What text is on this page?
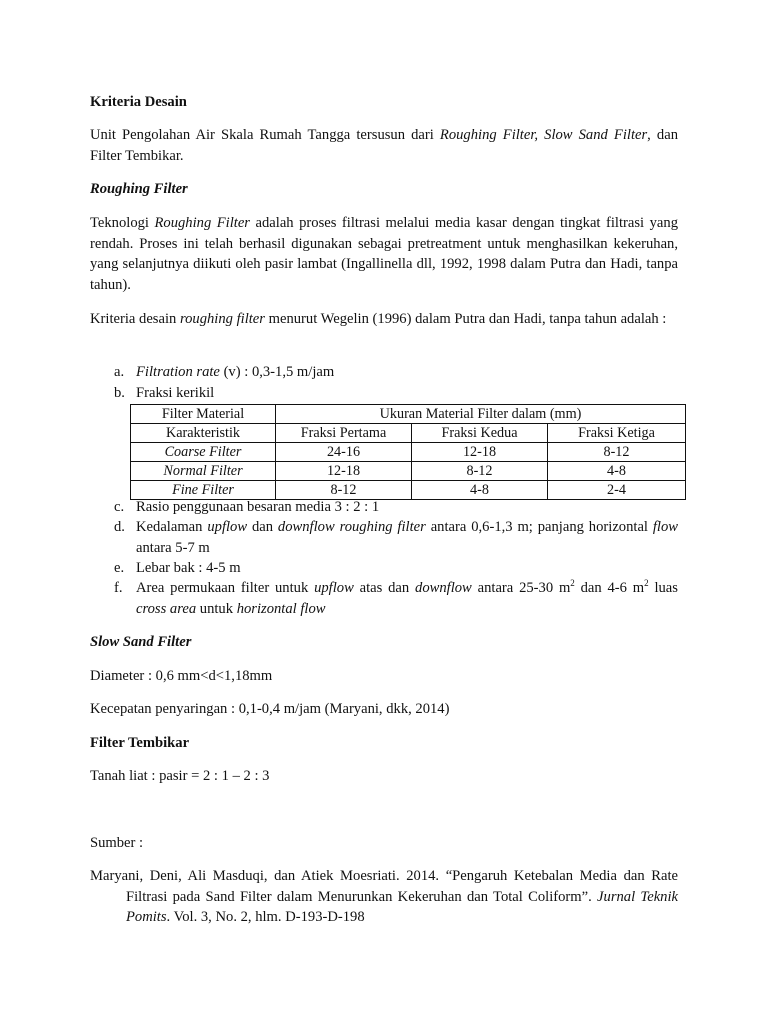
Kriteria Desain

Unit Pengolahan Air Skala Rumah Tangga tersusun dari Roughing Filter, Slow Sand Filter, dan Filter Tembikar.

Roughing Filter

Teknologi Roughing Filter adalah proses filtrasi melalui media kasar dengan tingkat filtrasi yang rendah. Proses ini telah berhasil digunakan sebagai pretreatment untuk menghasilkan kekeruhan, yang selanjutnya diikuti oleh pasir lambat (Ingallinella dll, 1992, 1998 dalam Putra dan Hadi, tanpa tahun).

Kriteria desain roughing filter menurut Wegelin (1996) dalam Putra dan Hadi, tanpa tahun adalah :

a. Filtration rate (v) : 0,3-1,5 m/jam
b. Fraksi kerikil
Filter Material	Ukuran Material Filter dalam (mm)		
Karakteristik	Fraksi Pertama	Fraksi Kedua	Fraksi Ketiga
Coarse Filter	24-16	12-18	8-12
Normal Filter	12-18	8-12	4-8
Fine Filter	8-12	4-8	2-4
c. Rasio penggunaan besaran media 3 : 2 : 1
d. Kedalaman upflow dan downflow roughing filter antara 0,6-1,3 m; panjang horizontal flow antara 5-7 m
e. Lebar bak : 4-5 m
f. Area permukaan filter untuk upflow atas dan downflow antara 25-30 $m^2$ dan 4-6 $m^2$ luas cross area untuk horizontal flow

Slow Sand Filter

Diameter : 0,6 mm<d<1,18mm

Kecepatan penyaringan : 0,1-0,4 m/jam (Maryani, dkk, 2014)

Filter Tembikar

Tanah liat : pasir = 2 : 1 – 2 : 3

Sumber :

Maryani, Deni, Ali Masduqi, dan Atiek Moesriati. 2014. “Pengaruh Ketebalan Media dan Rate Filtrasi pada Sand Filter dalam Menurunkan Kekeruhan dan Total Coliform”. Jurnal Teknik Pomits. Vol. 3, No. 2, hlm. D-193-D-198
